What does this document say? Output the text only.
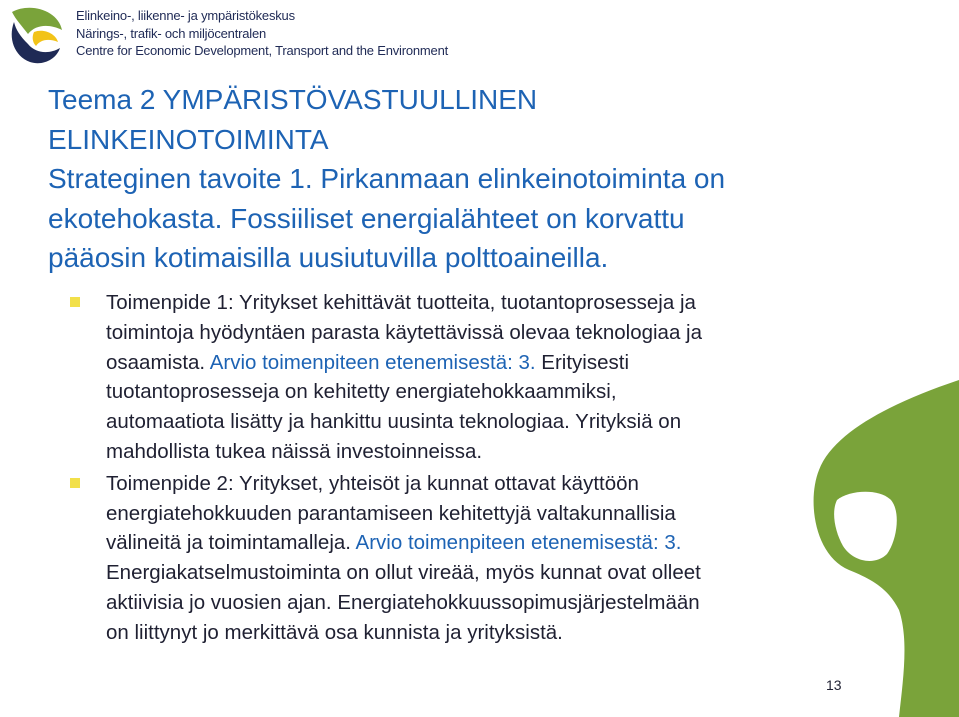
Elinkeino-, liikenne- ja ympäristökeskus
Närings-, trafik- och miljöcentralen
Centre for Economic Development, Transport and the Environment
Teema 2 YMPÄRISTÖVASTUULLINEN
ELINKEINOTOIMINTA
Strateginen tavoite 1. Pirkanmaan elinkeinotoiminta on
ekotehokasta. Fossiiliset energialähteet on korvattu
pääosin kotimaisilla uusiutuvilla polttoaineilla.
Toimenpide 1: Yritykset kehittävät tuotteita, tuotantoprosesseja ja
toimintoja hyödyntäen parasta käytettävissä olevaa teknologiaa ja
osaamista. Arvio toimenpiteen etenemisestä: 3. Erityisesti
tuotantoprosesseja on kehitetty energiatehokkaammiksi,
automaatiota lisätty ja hankittu uusinta teknologiaa. Yrityksiä on
mahdollista tukea näissä investoinneissa.
Toimenpide 2: Yritykset, yhteisöt ja kunnat ottavat käyttöön
energiatehokkuuden parantamiseen kehitettyjä valtakunnallisia
välineitä ja toimintamalleja. Arvio toimenpiteen etenemisestä: 3.
Energiakatselmustoiminta on ollut vireää, myös kunnat ovat olleet
aktiivisia jo vuosien ajan. Energiatehokkuussopimusjärjestelmään
on liittynyt jo merkittävä osa kunnista ja yrityksistä.
13
